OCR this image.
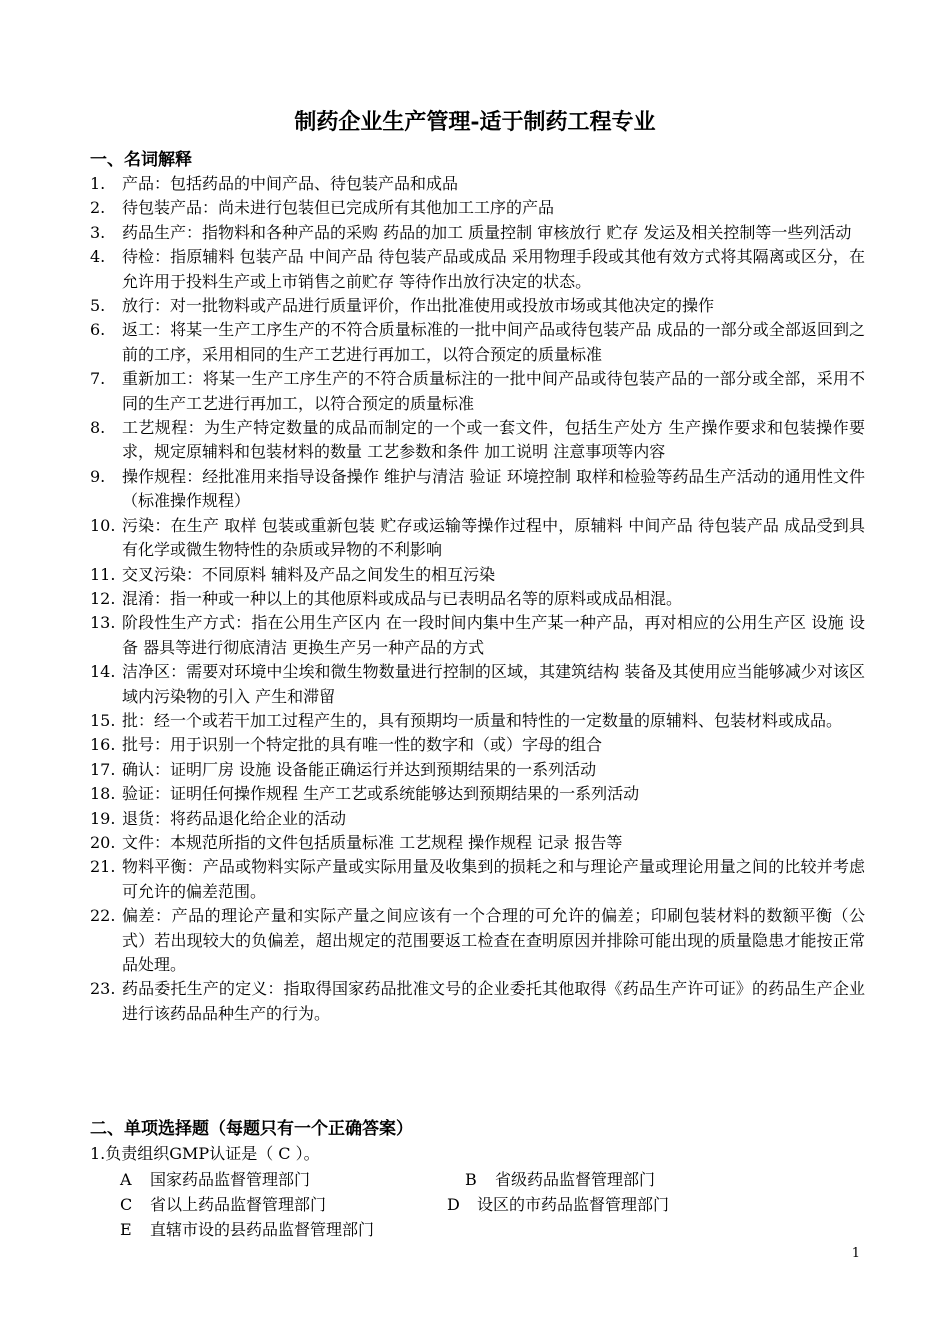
制药企业生产管理-适于制药工程专业
一、名词解释
1.	产品：包括药品的中间产品、待包装产品和成品
2.	待包装产品：尚未进行包装但已完成所有其他加工工序的产品
3.	药品生产：指物料和各种产品的采购 药品的加工 质量控制 审核放行 贮存 发运及相关控制等一些列活动
4.	待检：指原辅料 包装产品 中间产品 待包装产品或成品 采用物理手段或其他有效方式将其隔离或区分，在允许用于投料生产或上市销售之前贮存 等待作出放行决定的状态。
5.	放行：对一批物料或产品进行质量评价，作出批准使用或投放市场或其他决定的操作
6.	返工：将某一生产工序生产的不符合质量标准的一批中间产品或待包装产品 成品的一部分或全部返回到之前的工序，采用相同的生产工艺进行再加工，以符合预定的质量标准
7.	重新加工：将某一生产工序生产的不符合质量标注的一批中间产品或待包装产品的一部分或全部，采用不同的生产工艺进行再加工，以符合预定的质量标准
8.	工艺规程：为生产特定数量的成品而制定的一个或一套文件，包括生产处方 生产操作要求和包装操作要求，规定原辅料和包装材料的数量 工艺参数和条件 加工说明 注意事项等内容
9.	操作规程：经批准用来指导设备操作 维护与清洁 验证 环境控制 取样和检验等药品生产活动的通用性文件（标准操作规程）
10. 污染：在生产 取样 包装或重新包装 贮存或运输等操作过程中，原辅料 中间产品 待包装产品 成品受到具有化学或微生物特性的杂质或异物的不利影响
11. 交叉污染：不同原料 辅料及产品之间发生的相互污染
12. 混淆：指一种或一种以上的其他原料或成品与已表明品名等的原料或成品相混。
13. 阶段性生产方式：指在公用生产区内 在一段时间内集中生产某一种产品，再对相应的公用生产区 设施 设备 器具等进行彻底清洁 更换生产另一种产品的方式
14. 洁净区：需要对环境中尘埃和微生物数量进行控制的区域，其建筑结构 装备及其使用应当能够减少对该区域内污染物的引入 产生和滞留
15. 批：经一个或若干加工过程产生的，具有预期均一质量和特性的一定数量的原辅料、包装材料或成品。
16. 批号：用于识别一个特定批的具有唯一性的数字和（或）字母的组合
17. 确认：证明厂房 设施 设备能正确运行并达到预期结果的一系列活动
18. 验证：证明任何操作规程 生产工艺或系统能够达到预期结果的一系列活动
19. 退货：将药品退化给企业的活动
20. 文件：本规范所指的文件包括质量标准 工艺规程 操作规程 记录 报告等
21. 物料平衡：产品或物料实际产量或实际用量及收集到的损耗之和与理论产量或理论用量之间的比较并考虑可允许的偏差范围。
22. 偏差：产品的理论产量和实际产量之间应该有一个合理的可允许的偏差；印刷包装材料的数额平衡（公式）若出现较大的负偏差，超出规定的范围要返工检查在查明原因并排除可能出现的质量隐患才能按正常品处理。
23. 药品委托生产的定义：指取得国家药品批准文号的企业委托其他取得《药品生产许可证》的药品生产企业进行该药品品种生产的行为。
二、单项选择题（每题只有一个正确答案）
1.负责组织GMP认证是（ C ）。
A 国家药品监督管理部门	B 省级药品监督管理部门
C 省以上药品监督管理部门	D 设区的市药品监督管理部门
E 直辖市设的县药品监督管理部门
1
